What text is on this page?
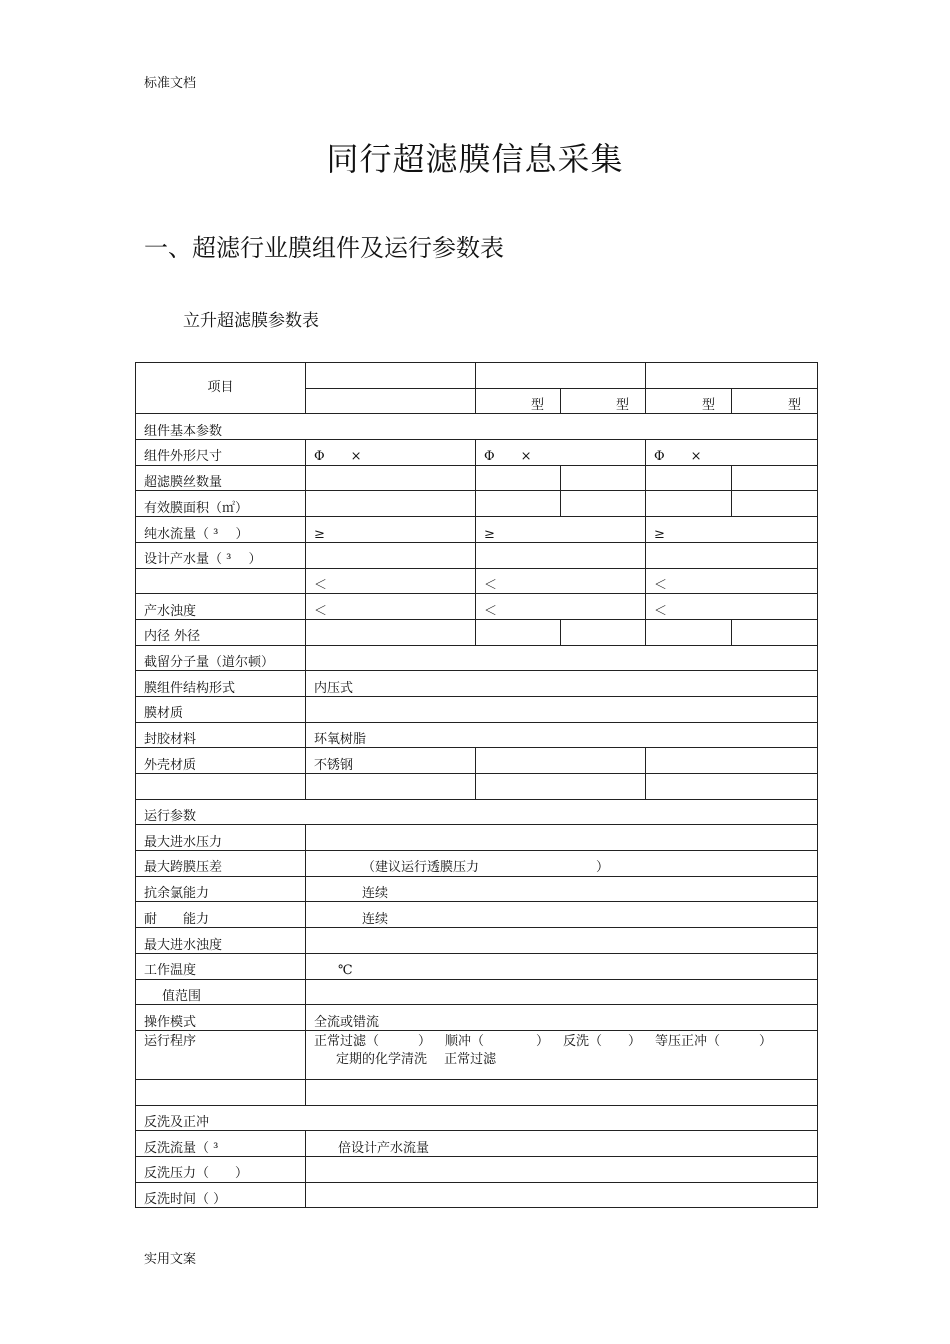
标准文档
同行超滤膜信息采集
一、超滤行业膜组件及运行参数表
立升超滤膜参数表
项目					
		型	型	型	型
组件基本参数					
组件外形尺寸	Φ　　×	Φ　　×		Φ　　×	
超滤膜丝数量					
有效膜面积（㎡）					
纯水流量（ ³　 ）	≥	≥		≥	
设计产水量（ ³　 ）					
	＜	＜		＜	
产水浊度	＜	＜		＜	
内径 外径					
截留分子量（道尔顿）					
膜组件结构形式	内压式				
膜材质					
封胶材料	环氧树脂				
外壳材质	不锈钢				

运行参数					
最大进水压力					
最大跨膜压差	（建议运行透膜压力　　　　　　　　　）				
抗余氯能力	连续				
耐 能力	连续				
最大进水浊度					
工作温度	℃				
值范围					
操作模式	全流或错流				
运行程序	正常过滤（　　　） 顺冲（　　　　） 反洗（　　） 等压正冲（　　　）
定期的化学清洗　 正常过滤				

反洗及正冲					
反洗流量（ ³	倍设计产水流量				
反洗压力（　　）					
反洗时间（ ）					
实用文案
